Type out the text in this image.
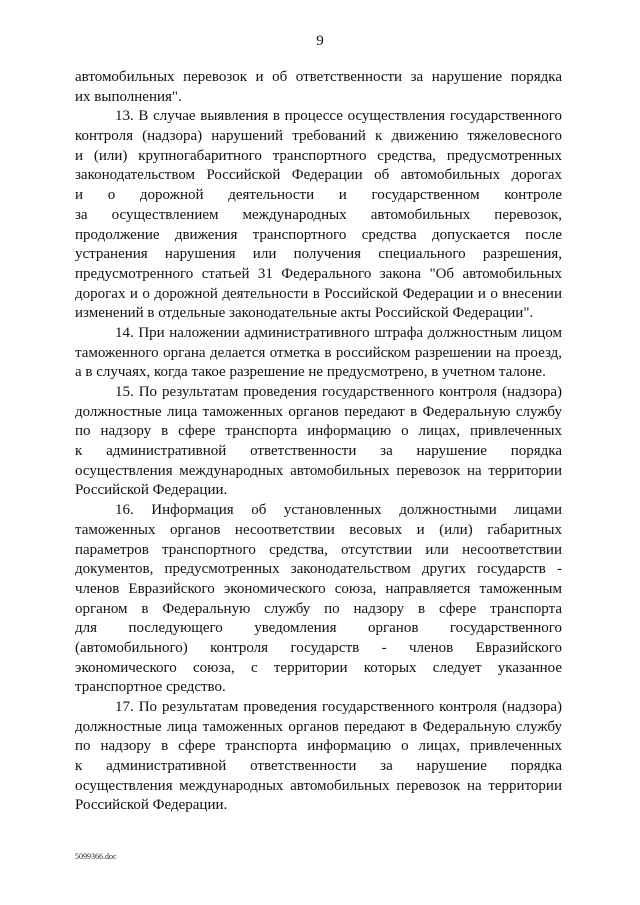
9
автомобильных перевозок и об ответственности за нарушение порядка
их выполнения".
13. В случае выявления в процессе осуществления государственного
контроля (надзора) нарушений требований к движению тяжеловесного
и (или) крупногабаритного транспортного средства, предусмотренных
законодательством Российской Федерации об автомобильных дорогах
и о дорожной деятельности и государственном контроле
за осуществлением международных автомобильных перевозок,
продолжение движения транспортного средства допускается после
устранения нарушения или получения специального разрешения,
предусмотренного статьей 31 Федерального закона "Об автомобильных
дорогах и о дорожной деятельности в Российской Федерации и о внесении
изменений в отдельные законодательные акты Российской Федерации".
14. При наложении административного штрафа должностным лицом
таможенного органа делается отметка в российском разрешении на проезд,
а в случаях, когда такое разрешение не предусмотрено, в учетном талоне.
15. По результатам проведения государственного контроля (надзора)
должностные лица таможенных органов передают в Федеральную службу
по надзору в сфере транспорта информацию о лицах, привлеченных
к административной ответственности за нарушение порядка
осуществления международных автомобильных перевозок на территории
Российской Федерации.
16. Информация об установленных должностными лицами
таможенных органов несоответствии весовых и (или) габаритных
параметров транспортного средства, отсутствии или несоответствии
документов, предусмотренных законодательством других государств -
членов Евразийского экономического союза, направляется таможенным
органом в Федеральную службу по надзору в сфере транспорта
для последующего уведомления органов государственного
(автомобильного) контроля государств - членов Евразийского
экономического союза, с территории которых следует указанное
транспортное средство.
17. По результатам проведения государственного контроля (надзора)
должностные лица таможенных органов передают в Федеральную службу
по надзору в сфере транспорта информацию о лицах, привлеченных
к административной ответственности за нарушение порядка
осуществления международных автомобильных перевозок на территории
Российской Федерации.
5099366.doc
